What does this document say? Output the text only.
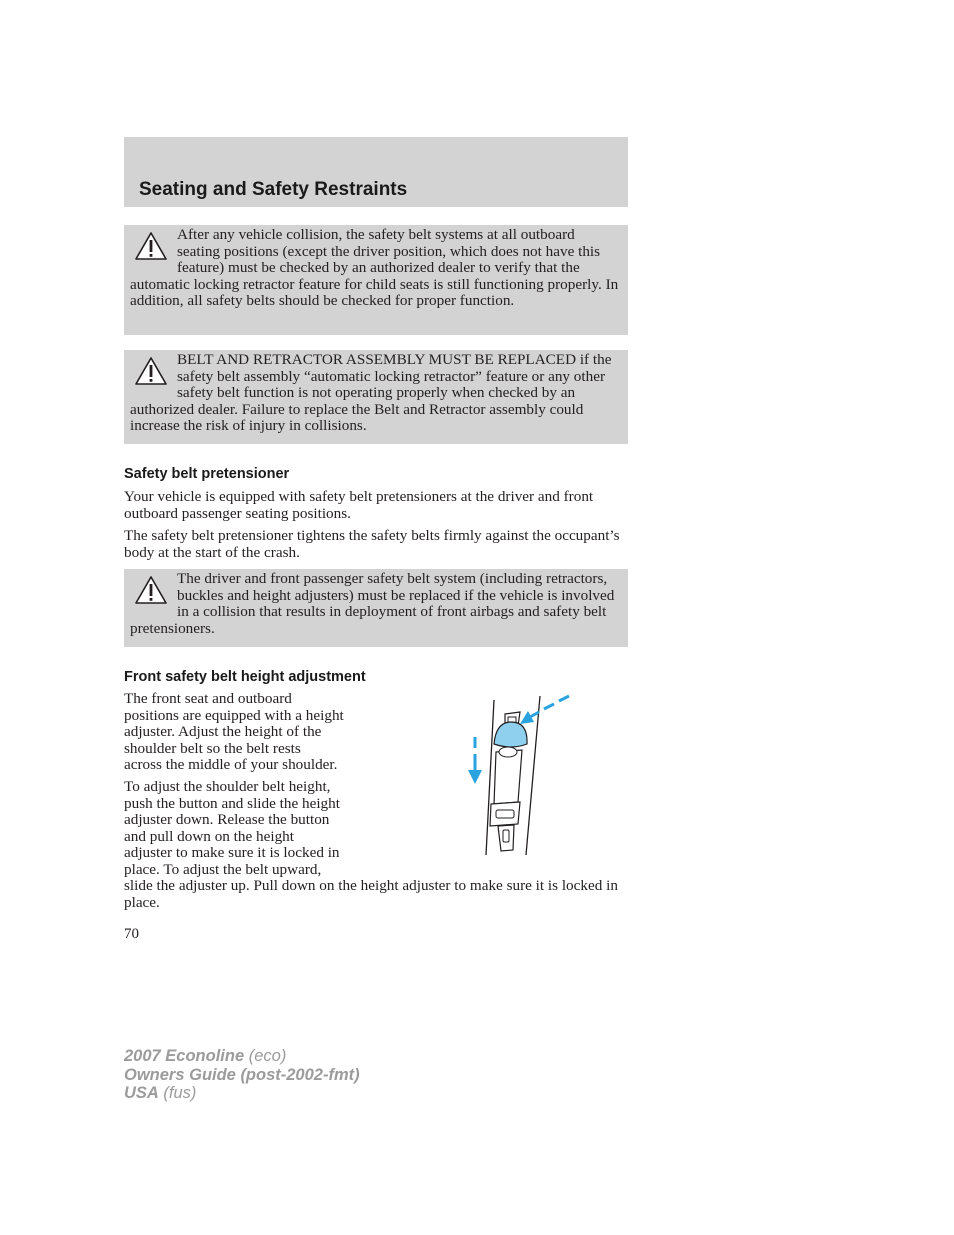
Seating and Safety Restraints
After any vehicle collision, the safety belt systems at all outboard seating positions (except the driver position, which does not have this feature) must be checked by an authorized dealer to verify that the automatic locking retractor feature for child seats is still functioning properly. In addition, all safety belts should be checked for proper function.
BELT AND RETRACTOR ASSEMBLY MUST BE REPLACED if the safety belt assembly “automatic locking retractor” feature or any other safety belt function is not operating properly when checked by an authorized dealer. Failure to replace the Belt and Retractor assembly could increase the risk of injury in collisions.
Safety belt pretensioner

Your vehicle is equipped with safety belt pretensioners at the driver and front outboard passenger seating positions.

The safety belt pretensioner tightens the safety belts firmly against the occupant’s body at the start of the crash.

The driver and front passenger safety belt system (including retractors, buckles and height adjusters) must be replaced if the vehicle is involved in a collision that results in deployment of front airbags and safety belt pretensioners.
Front safety belt height adjustment
The front seat and outboard
positions are equipped with a height
adjuster. Adjust the height of the
shoulder belt so the belt rests
across the middle of your shoulder.
To adjust the shoulder belt height,
push the button and slide the height
adjuster down. Release the button
and pull down on the height
adjuster to make sure it is locked in
place. To adjust the belt upward,
slide the adjuster up. Pull down on the height adjuster to make sure it is locked in place.
70
2007 Econoline (eco)
Owners Guide (post-2002-fmt)
USA (fus)
